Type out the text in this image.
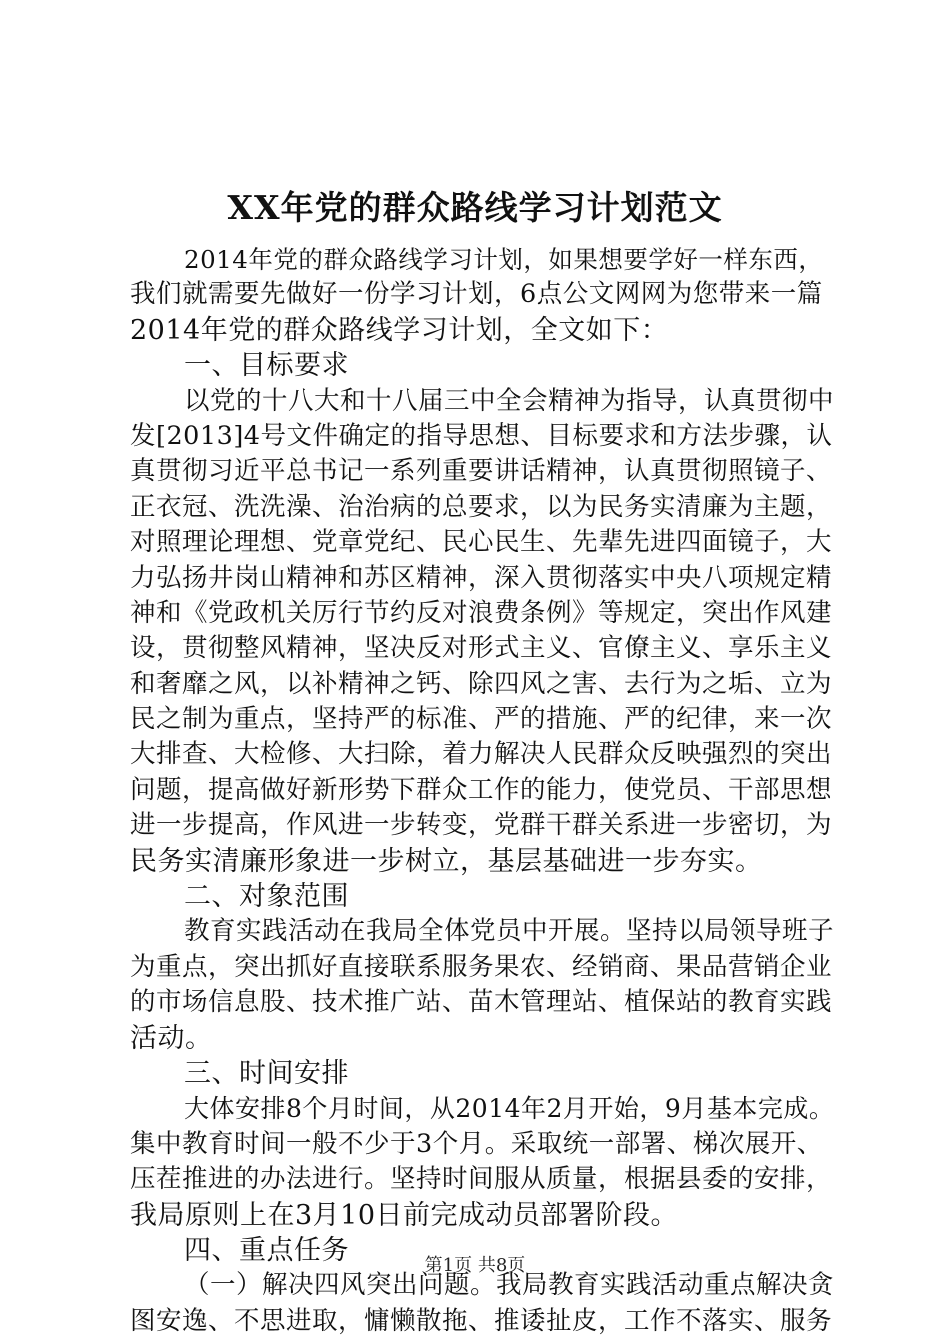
XX年党的群众路线学习计划范文
2014年党的群众路线学习计划，如果想要学好一样东西，
我们就需要先做好一份学习计划，6点公文网网为您带来一篇
2014年党的群众路线学习计划，全文如下：
一、目标要求
以党的十八大和十八届三中全会精神为指导，认真贯彻中
发[2013]4号文件确定的指导思想、目标要求和方法步骤，认
真贯彻习近平总书记一系列重要讲话精神，认真贯彻照镜子、
正衣冠、洗洗澡、治治病的总要求，以为民务实清廉为主题，
对照理论理想、党章党纪、民心民生、先辈先进四面镜子，大
力弘扬井岗山精神和苏区精神，深入贯彻落实中央八项规定精
神和《党政机关厉行节约反对浪费条例》等规定，突出作风建
设，贯彻整风精神，坚决反对形式主义、官僚主义、享乐主义
和奢靡之风，以补精神之钙、除四风之害、去行为之垢、立为
民之制为重点，坚持严的标准、严的措施、严的纪律，来一次
大排查、大检修、大扫除，着力解决人民群众反映强烈的突出
问题，提高做好新形势下群众工作的能力，使党员、干部思想
进一步提高，作风进一步转变，党群干群关系进一步密切，为
民务实清廉形象进一步树立，基层基础进一步夯实。
二、对象范围
教育实践活动在我局全体党员中开展。坚持以局领导班子
为重点，突出抓好直接联系服务果农、经销商、果品营销企业
的市场信息股、技术推广站、苗木管理站、植保站的教育实践
活动。
三、时间安排
大体安排8个月时间，从2014年2月开始，9月基本完成。
集中教育时间一般不少于3个月。采取统一部署、梯次展开、
压茬推进的办法进行。坚持时间服从质量，根据县委的安排，
我局原则上在3月10日前完成动员部署阶段。
四、重点任务
（一）解决四风突出问题。我局教育实践活动重点解决贪
图安逸、不思进取，慵懒散拖、推诿扯皮，工作不落实、服务
第1页 共8页
